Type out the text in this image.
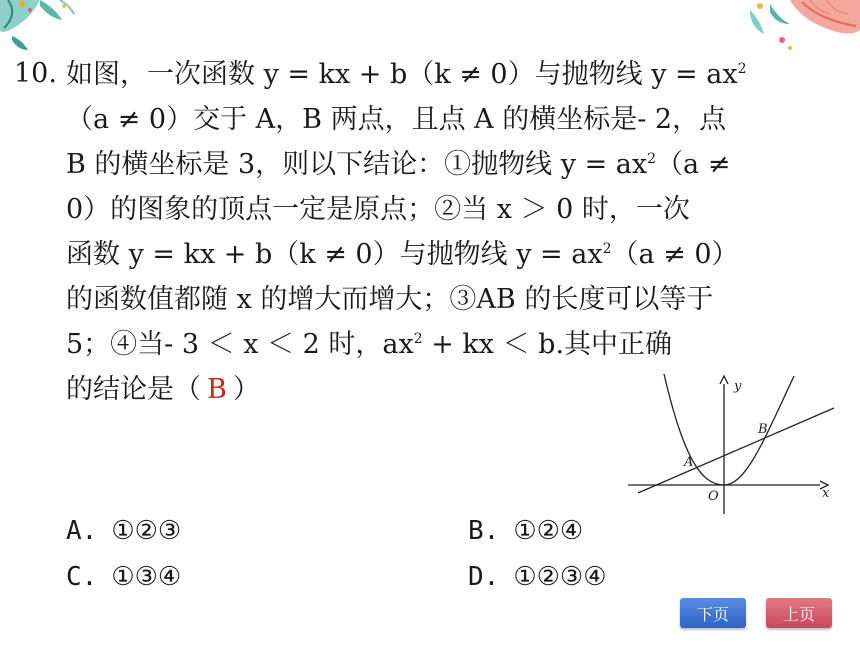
10. 如图，一次函数 y = kx + b（k ≠ 0）与抛物线 $y = ax^2$
（a ≠ 0）交于 A，B 两点，且点 A 的横坐标是- 2，点
B 的横坐标是 3，则以下结论：①抛物线 $y = ax^2(a$ ≠
0）的图象的顶点一定是原点；②当 x ＞ 0 时，一次
函数 y = kx + b（k ≠ 0）与抛物线 $y = ax^2(a \ne 0)$
的函数值都随 x 的增大而增大；③AB 的长度可以等于
5；④当- 3 ＜ x ＜ 2 时，$ax^2$ + kx ＜ b.其中正确
的结论是（ B ）	y
x
O
A
B
A. ①②③	B. ①②④
C. ①③④	D. ①②③④
下页	上页
